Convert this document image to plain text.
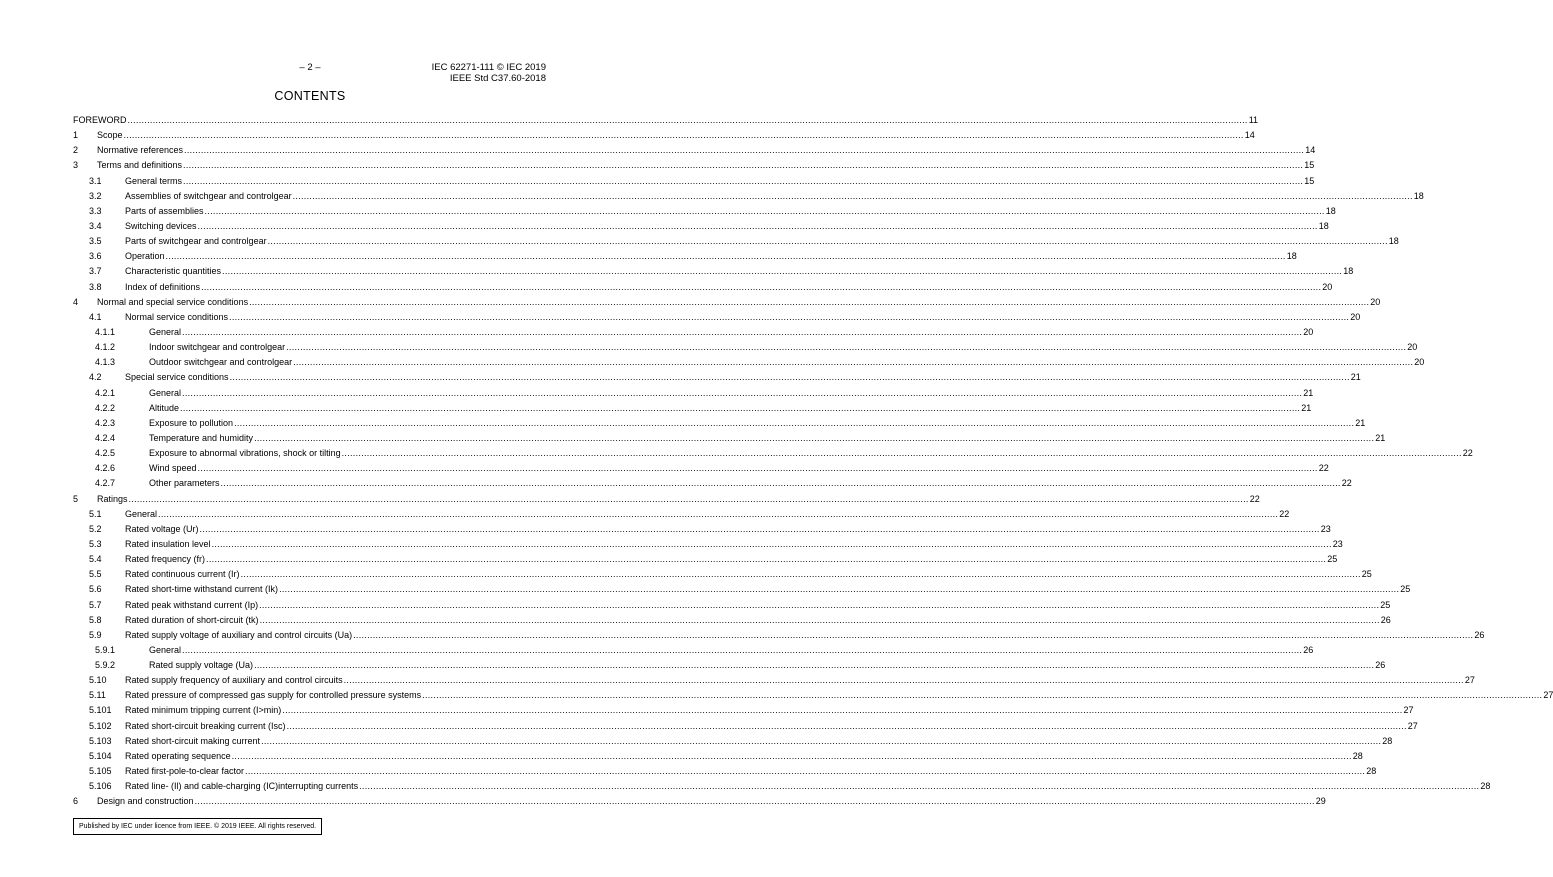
– 2 –	IEC 62271-111 © IEC 2019
IEEE Std C37.60-2018
CONTENTS
FOREWORD ................................................................................................................................................................................................................................................................................................................................................................................................................ 11
1 Scope ................................................................................................................................................................................................................................................................................................................................................................................................................ 14
2 Normative references ................................................................................................................................................................................................................................................................................................................................................................................................................ 14
3 Terms and definitions ................................................................................................................................................................................................................................................................................................................................................................................................................ 15
3.1	General terms ................................................................................................................................................................................................................................................................................................................................................................................................................ 15
3.2	Assemblies of switchgear and controlgear ................................................................................................................................................................................................................................................................................................................................................................................................................ 18
3.3	Parts of assemblies ................................................................................................................................................................................................................................................................................................................................................................................................................ 18
3.4	Switching devices ................................................................................................................................................................................................................................................................................................................................................................................................................ 18
3.5	Parts of switchgear and controlgear ................................................................................................................................................................................................................................................................................................................................................................................................................ 18
3.6	Operation ................................................................................................................................................................................................................................................................................................................................................................................................................ 18
3.7	Characteristic quantities ................................................................................................................................................................................................................................................................................................................................................................................................................ 18
3.8	Index of definitions ................................................................................................................................................................................................................................................................................................................................................................................................................ 20
4 Normal and special service conditions ................................................................................................................................................................................................................................................................................................................................................................................................................ 20
4.1	Normal service conditions ................................................................................................................................................................................................................................................................................................................................................................................................................ 20
4.1.1	General ................................................................................................................................................................................................................................................................................................................................................................................................................ 20
4.1.2	Indoor switchgear and controlgear ................................................................................................................................................................................................................................................................................................................................................................................................................ 20
4.1.3	Outdoor switchgear and controlgear ................................................................................................................................................................................................................................................................................................................................................................................................................ 20
4.2	Special service conditions ................................................................................................................................................................................................................................................................................................................................................................................................................ 21
4.2.1	General ................................................................................................................................................................................................................................................................................................................................................................................................................ 21
4.2.2	Altitude ................................................................................................................................................................................................................................................................................................................................................................................................................ 21
4.2.3	Exposure to pollution ................................................................................................................................................................................................................................................................................................................................................................................................................ 21
4.2.4	Temperature and humidity ................................................................................................................................................................................................................................................................................................................................................................................................................ 21
4.2.5	Exposure to abnormal vibrations, shock or tilting ................................................................................................................................................................................................................................................................................................................................................................................................................ 22
4.2.6	Wind speed ................................................................................................................................................................................................................................................................................................................................................................................................................ 22
4.2.7	Other parameters ................................................................................................................................................................................................................................................................................................................................................................................................................ 22
5 Ratings ................................................................................................................................................................................................................................................................................................................................................................................................................ 22
5.1	General ................................................................................................................................................................................................................................................................................................................................................................................................................ 22
5.2	Rated voltage (Ur) ................................................................................................................................................................................................................................................................................................................................................................................................................ 23
5.3	Rated insulation level ................................................................................................................................................................................................................................................................................................................................................................................................................ 23
5.4	Rated frequency (fr) ................................................................................................................................................................................................................................................................................................................................................................................................................ 25
5.5	Rated continuous current (Ir) ................................................................................................................................................................................................................................................................................................................................................................................................................ 25
5.6	Rated short-time withstand current (Ik) ................................................................................................................................................................................................................................................................................................................................................................................................................ 25
5.7	Rated peak withstand current (Ip) ................................................................................................................................................................................................................................................................................................................................................................................................................ 25
5.8	Rated duration of short-circuit (tk) ................................................................................................................................................................................................................................................................................................................................................................................................................ 26
5.9	Rated supply voltage of auxiliary and control circuits (Ua) ................................................................................................................................................................................................................................................................................................................................................................................................................ 26
5.9.1	General ................................................................................................................................................................................................................................................................................................................................................................................................................ 26
5.9.2	Rated supply voltage (Ua) ................................................................................................................................................................................................................................................................................................................................................................................................................ 26
5.10 Rated supply frequency of auxiliary and control circuits ................................................................................................................................................................................................................................................................................................................................................................................................................ 27
5.11 Rated pressure of compressed gas supply for controlled pressure systems ................................................................................................................................................................................................................................................................................................................................................................................................................ 27
5.101 Rated minimum tripping current (I>min) ................................................................................................................................................................................................................................................................................................................................................................................................................ 27
5.102 Rated short-circuit breaking current (Isc) ................................................................................................................................................................................................................................................................................................................................................................................................................ 27
5.103 Rated short-circuit making current ................................................................................................................................................................................................................................................................................................................................................................................................................ 28
5.104 Rated operating sequence ................................................................................................................................................................................................................................................................................................................................................................................................................ 28
5.105 Rated first-pole-to-clear factor ................................................................................................................................................................................................................................................................................................................................................................................................................ 28
5.106 Rated line- (Il) and cable-charging (IC)interrupting currents ................................................................................................................................................................................................................................................................................................................................................................................................................ 28
6 Design and construction ................................................................................................................................................................................................................................................................................................................................................................................................................ 29
Published by IEC under licence from IEEE. © 2019 IEEE. All rights reserved.
